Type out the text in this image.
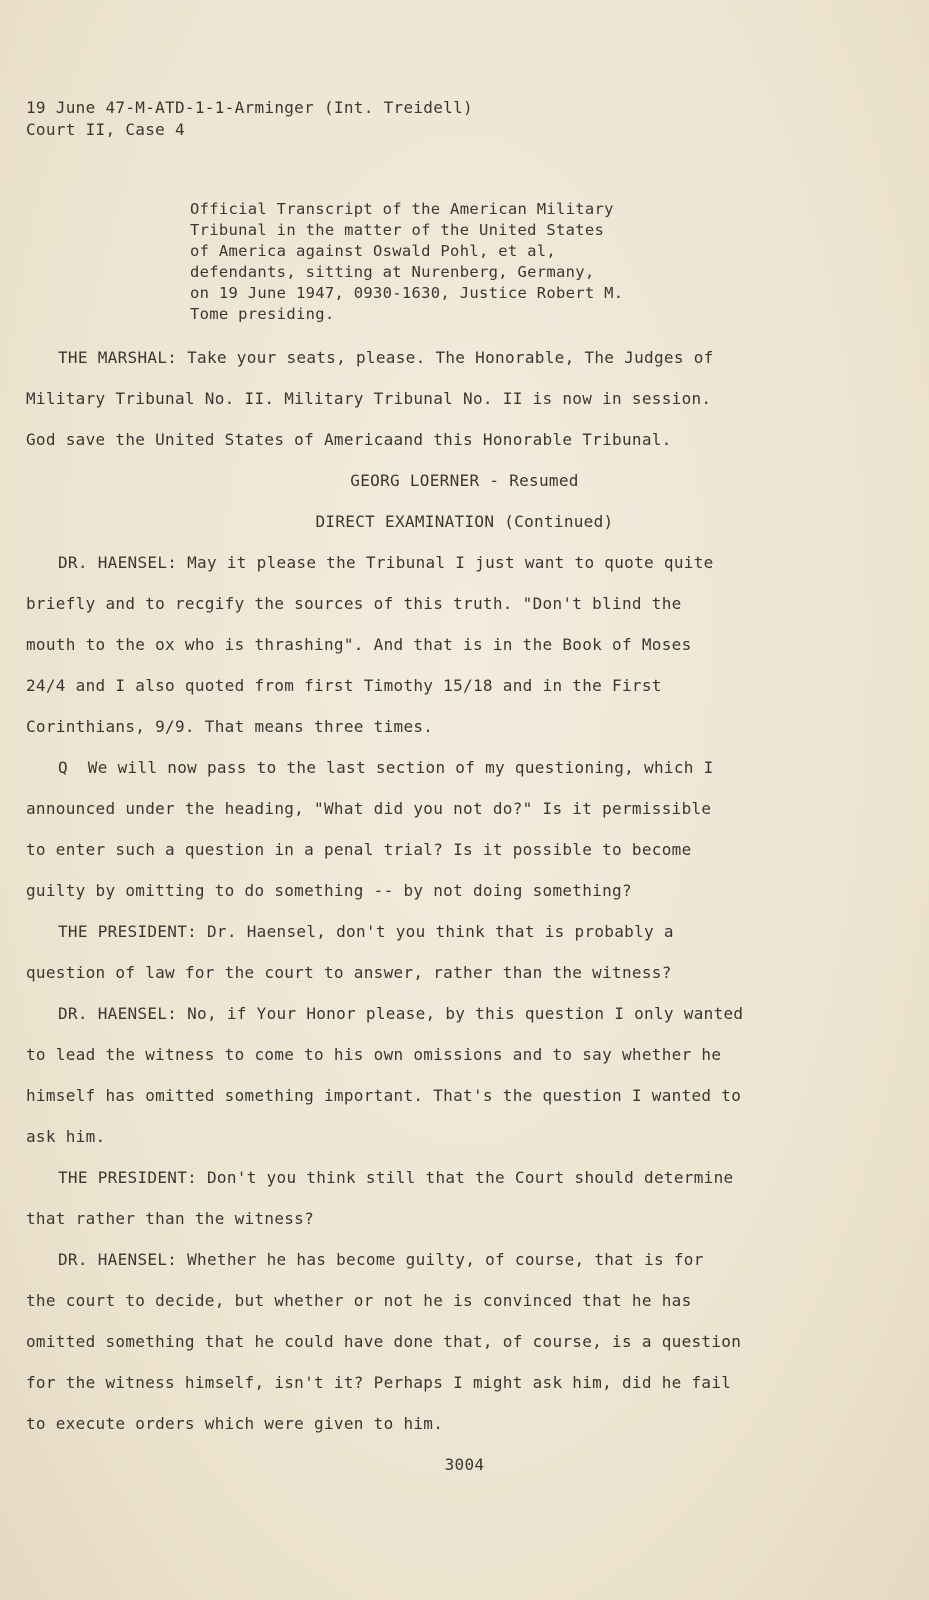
19 June 47-M-ATD-1-1-Arminger (Int. Treidell)
Court II, Case 4
Official Transcript of the American Military
Tribunal in the matter of the United States
of America against Oswald Pohl, et al,
defendants, sitting at Nurenberg, Germany,
on 19 June 1947, 0930-1630, Justice Robert M.
Tome presiding.
THE MARSHAL: Take your seats, please. The Honorable, The Judges of
Military Tribunal No. II. Military Tribunal No. II is now in session.
God save the United States of Americaand this Honorable Tribunal.
GEORG LOERNER - Resumed
DIRECT EXAMINATION (Continued)
DR. HAENSEL: May it please the Tribunal I just want to quote quite
briefly and to recgify the sources of this truth. "Don't blind the
mouth to the ox who is thrashing". And that is in the Book of Moses
24/4 and I also quoted from first Timothy 15/18 and in the First
Corinthians, 9/9. That means three times.
Q  We will now pass to the last section of my questioning, which I
announced under the heading, "What did you not do?" Is it permissible
to enter such a question in a penal trial? Is it possible to become
guilty by omitting to do something -- by not doing something?
THE PRESIDENT: Dr. Haensel, don't you think that is probably a
question of law for the court to answer, rather than the witness?
DR. HAENSEL: No, if Your Honor please, by this question I only wanted
to lead the witness to come to his own omissions and to say whether he
himself has omitted something important. That's the question I wanted to
ask him.
THE PRESIDENT: Don't you think still that the Court should determine
that rather than the witness?
DR. HAENSEL: Whether he has become guilty, of course, that is for
the court to decide, but whether or not he is convinced that he has
omitted something that he could have done that, of course, is a question
for the witness himself, isn't it? Perhaps I might ask him, did he fail
to execute orders which were given to him.
3004
